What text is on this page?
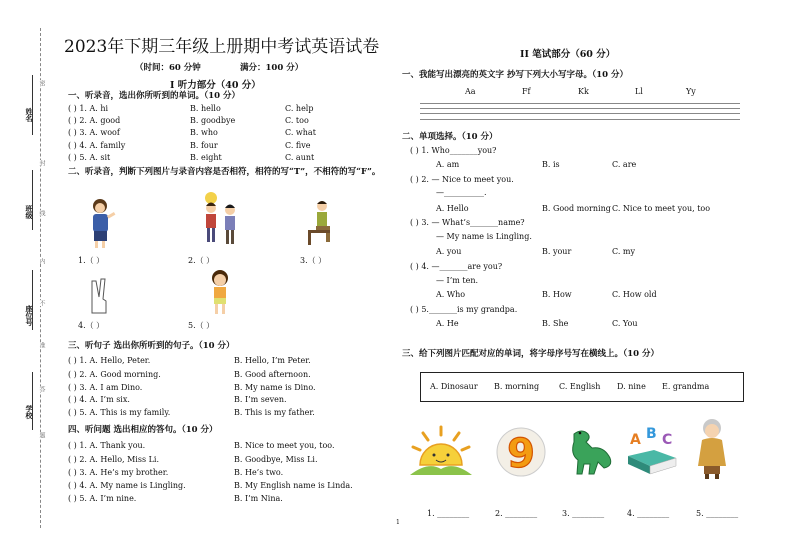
姓名
班级
座位号
学校
密
封
线
内
不
准
答
题
2023年下期三年级上册期中考试英语试卷
（时间：60 分钟	满分：100 分）
I 听力部分（40 分）
II 笔试部分（60 分）
1
一、听录音，选出你所听到的单词。（10 分）
( ) 1. A. hi	B. hello	C. help
( ) 2. A. good	B. goodbye	C. too
( ) 3. A. woof	B. who	C. what
( ) 4. A. family	B. four	C. five
( ) 5. A. sit	B. eight	C. aunt
二、听录音，判断下列图片与录音内容是否相符，相符的写“T”，不相符的写“F”。
1.（ ）	2.（ ）	3.（ ）
4.（ ）	5.（ ）
三、听句子 选出你所听到的句子。（10 分）
( ) 1. A. Hello, Peter.	B. Hello, I’m Peter.
( ) 2. A. Good morning.	B. Good afternoon.
( ) 3. A. I am Dino.	B. My name is Dino.
( ) 4. A. I’m six.	B. I’m seven.
( ) 5. A. This is my family.	B. This is my father.
四、听问题 选出相应的答句。（10 分）
( ) 1. A. Thank you.	B. Nice to meet you, too.
( ) 2. A. Hello, Miss Li.	B. Goodbye, Miss Li.
( ) 3. A. He’s my brother.	B. He’s two.
( ) 4. A. My name is Lingling.	B. My English name is Linda.
( ) 5. A. I’m nine.	B. I’m Nina.
一、我能写出漂亮的英文字 抄写下列大小写字母。（10 分）
Aa	Ff	Kk	Ll	Yy
二、单项选择。（10 分）
( ) 1. Who_______you?
A. am	B. is	C. are
( ) 2. — Nice to meet you.
—__________.
A. Hello	B. Good morning C. Nice to meet you, too
( ) 3. — What’s_______name?
— My name is Lingling.
A. you	B. your	C. my
( ) 4. —_______are you?
— I’m ten.
A. Who	B. How	C. How old
( ) 5._______is my grandpa.
A. He	B. She	C. You
三、给下列图片匹配对应的单词，将字母序号写在横线上。（10 分）
A. Dinosaur B. morning C. English D. nine E. grandma
9	A B C
1. ________	2. ________	3. ________	4. ________	5. ________
